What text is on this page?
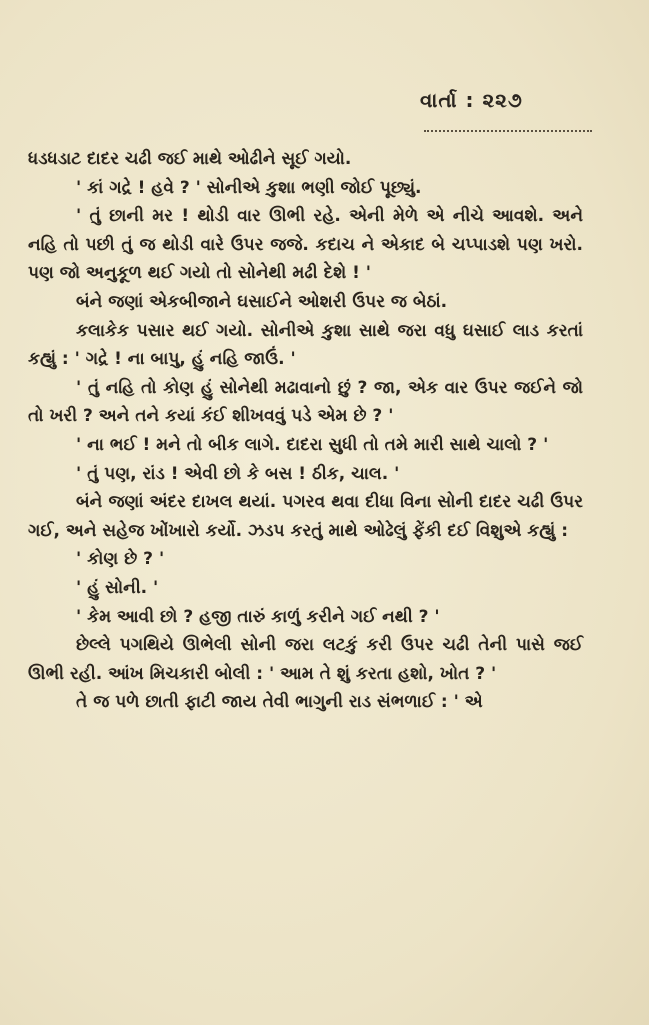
વાર્તા : ૨૨૭

ધડધડાટ દાદર ચઢી જઈ માથે ઓઢીને સૂઈ ગયો.

' કાં ગદ્રે ! હવે ? ' સોનીએ કુશા ભણી જોઈ પૂછ્યું.

' તું છાની મર ! થોડી વાર ઊભી રહે. એની મેળે એ નીચે આવશે. અને નહિ તો પછી તું જ થોડી વારે ઉપર જજે. કદાચ ને એકાદ બે ચપ્પાડશે પણ ખરો. પણ જો અનુકૂળ થઈ ગયો તો સોનેથી મઢી દેશે ! '

બંને જણાં એકબીજાને ઘસાઈને ઓશરી ઉપર જ બેઠાં.

કલાકેક પસાર થઈ ગયો. સોનીએ કુશા સાથે જરા વધુ ઘસાઈ લાડ કરતાં કહ્યું : ' ગદ્રે ! ના બાપુ, હું નહિ જાઉં. '

' તું નહિ તો કોણ હું સોનેથી મઢાવાનો છું ? જા, એક વાર ઉપર જઈને જો તો ખરી ? અને તને કયાં કંઈ શીખવવું પડે એમ છે ? '

' ના ભઈ ! મને તો બીક લાગે. દાદરા સુધી તો તમે મારી સાથે ચાલો ? '

' તું પણ, રાંડ ! એવી છો કે બસ ! ઠીક, ચાલ. '

બંને જણાં અંદર દાખલ થયાં. પગરવ થવા દીધા વિના સોની દાદર ચઢી ઉપર ગઈ, અને સહેજ ખોંખારો કર્યો. ઝડપ કરતું માથે ઓઢેલું ફેંકી દઈ વિશુએ કહ્યું :

' કોણ છે ? '

' હું સોની. '

' કેમ આવી છો ? હજી તારું કાળું કરીને ગઈ નથી ? '

છેલ્લે પગથિયે ઊભેલી સોની જરા લટકું કરી ઉપર ચઢી તેની પાસે જઈ ઊભી રહી. આંખ મિચકારી બોલી : ' આમ તે શું કરતા હશો, ખોત ? '

તે જ પળે છાતી ફાટી જાય તેવી ભાગુની રાડ સંભળાઈ : ' એ
